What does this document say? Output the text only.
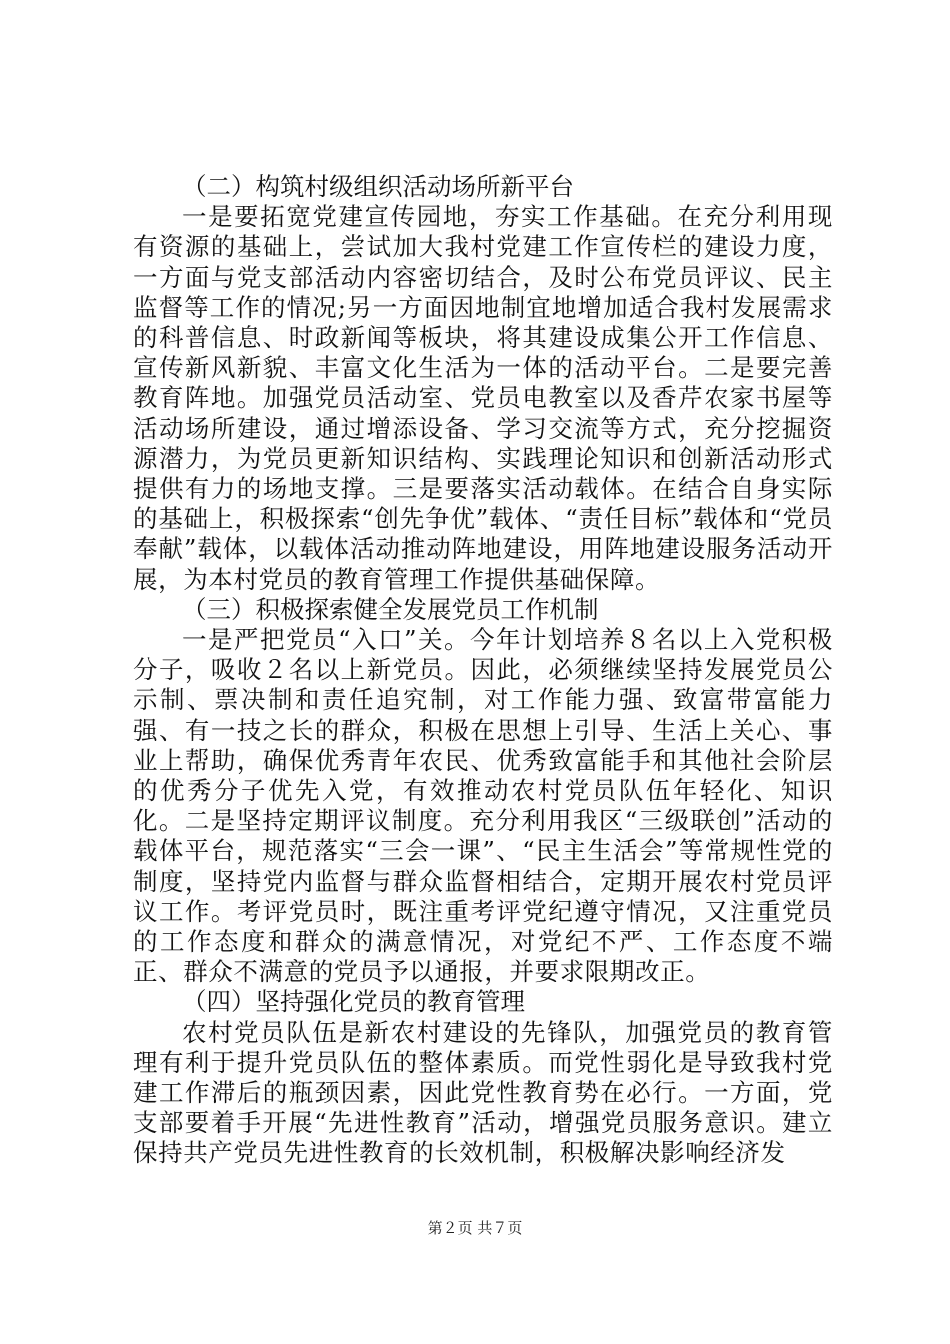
（二）构筑村级组织活动场所新平台

一是要拓宽党建宣传园地，夯实工作基础。在充分利用现有资源的基础上，尝试加大我村党建工作宣传栏的建设力度，一方面与党支部活动内容密切结合，及时公布党员评议、民主监督等工作的情况;另一方面因地制宜地增加适合我村发展需求的科普信息、时政新闻等板块，将其建设成集公开工作信息、宣传新风新貌、丰富文化生活为一体的活动平台。二是要完善教育阵地。加强党员活动室、党员电教室以及香芹农家书屋等活动场所建设，通过增添设备、学习交流等方式，充分挖掘资源潜力，为党员更新知识结构、实践理论知识和创新活动形式提供有力的场地支撑。三是要落实活动载体。在结合自身实际的基础上，积极探索“创先争优”载体、“责任目标”载体和“党员奉献”载体，以载体活动推动阵地建设，用阵地建设服务活动开展，为本村党员的教育管理工作提供基础保障。

（三）积极探索健全发展党员工作机制

一是严把党员“入口”关。今年计划培养８名以上入党积极分子，吸收２名以上新党员。因此，必须继续坚持发展党员公示制、票决制和责任追究制，对工作能力强、致富带富能力强、有一技之长的群众，积极在思想上引导、生活上关心、事业上帮助，确保优秀青年农民、优秀致富能手和其他社会阶层的优秀分子优先入党，有效推动农村党员队伍年轻化、知识化。二是坚持定期评议制度。充分利用我区“三级联创”活动的载体平台，规范落实“三会一课”、“民主生活会”等常规性党的制度，坚持党内监督与群众监督相结合，定期开展农村党员评议工作。考评党员时，既注重考评党纪遵守情况，又注重党员的工作态度和群众的满意情况，对党纪不严、工作态度不端正、群众不满意的党员予以通报，并要求限期改正。

（四）坚持强化党员的教育管理

农村党员队伍是新农村建设的先锋队，加强党员的教育管理有利于提升党员队伍的整体素质。而党性弱化是导致我村党建工作滞后的瓶颈因素，因此党性教育势在必行。一方面，党支部要着手开展“先进性教育”活动，增强党员服务意识。建立保持共产党员先进性教育的长效机制，积极解决影响经济发

第２页 共７页
